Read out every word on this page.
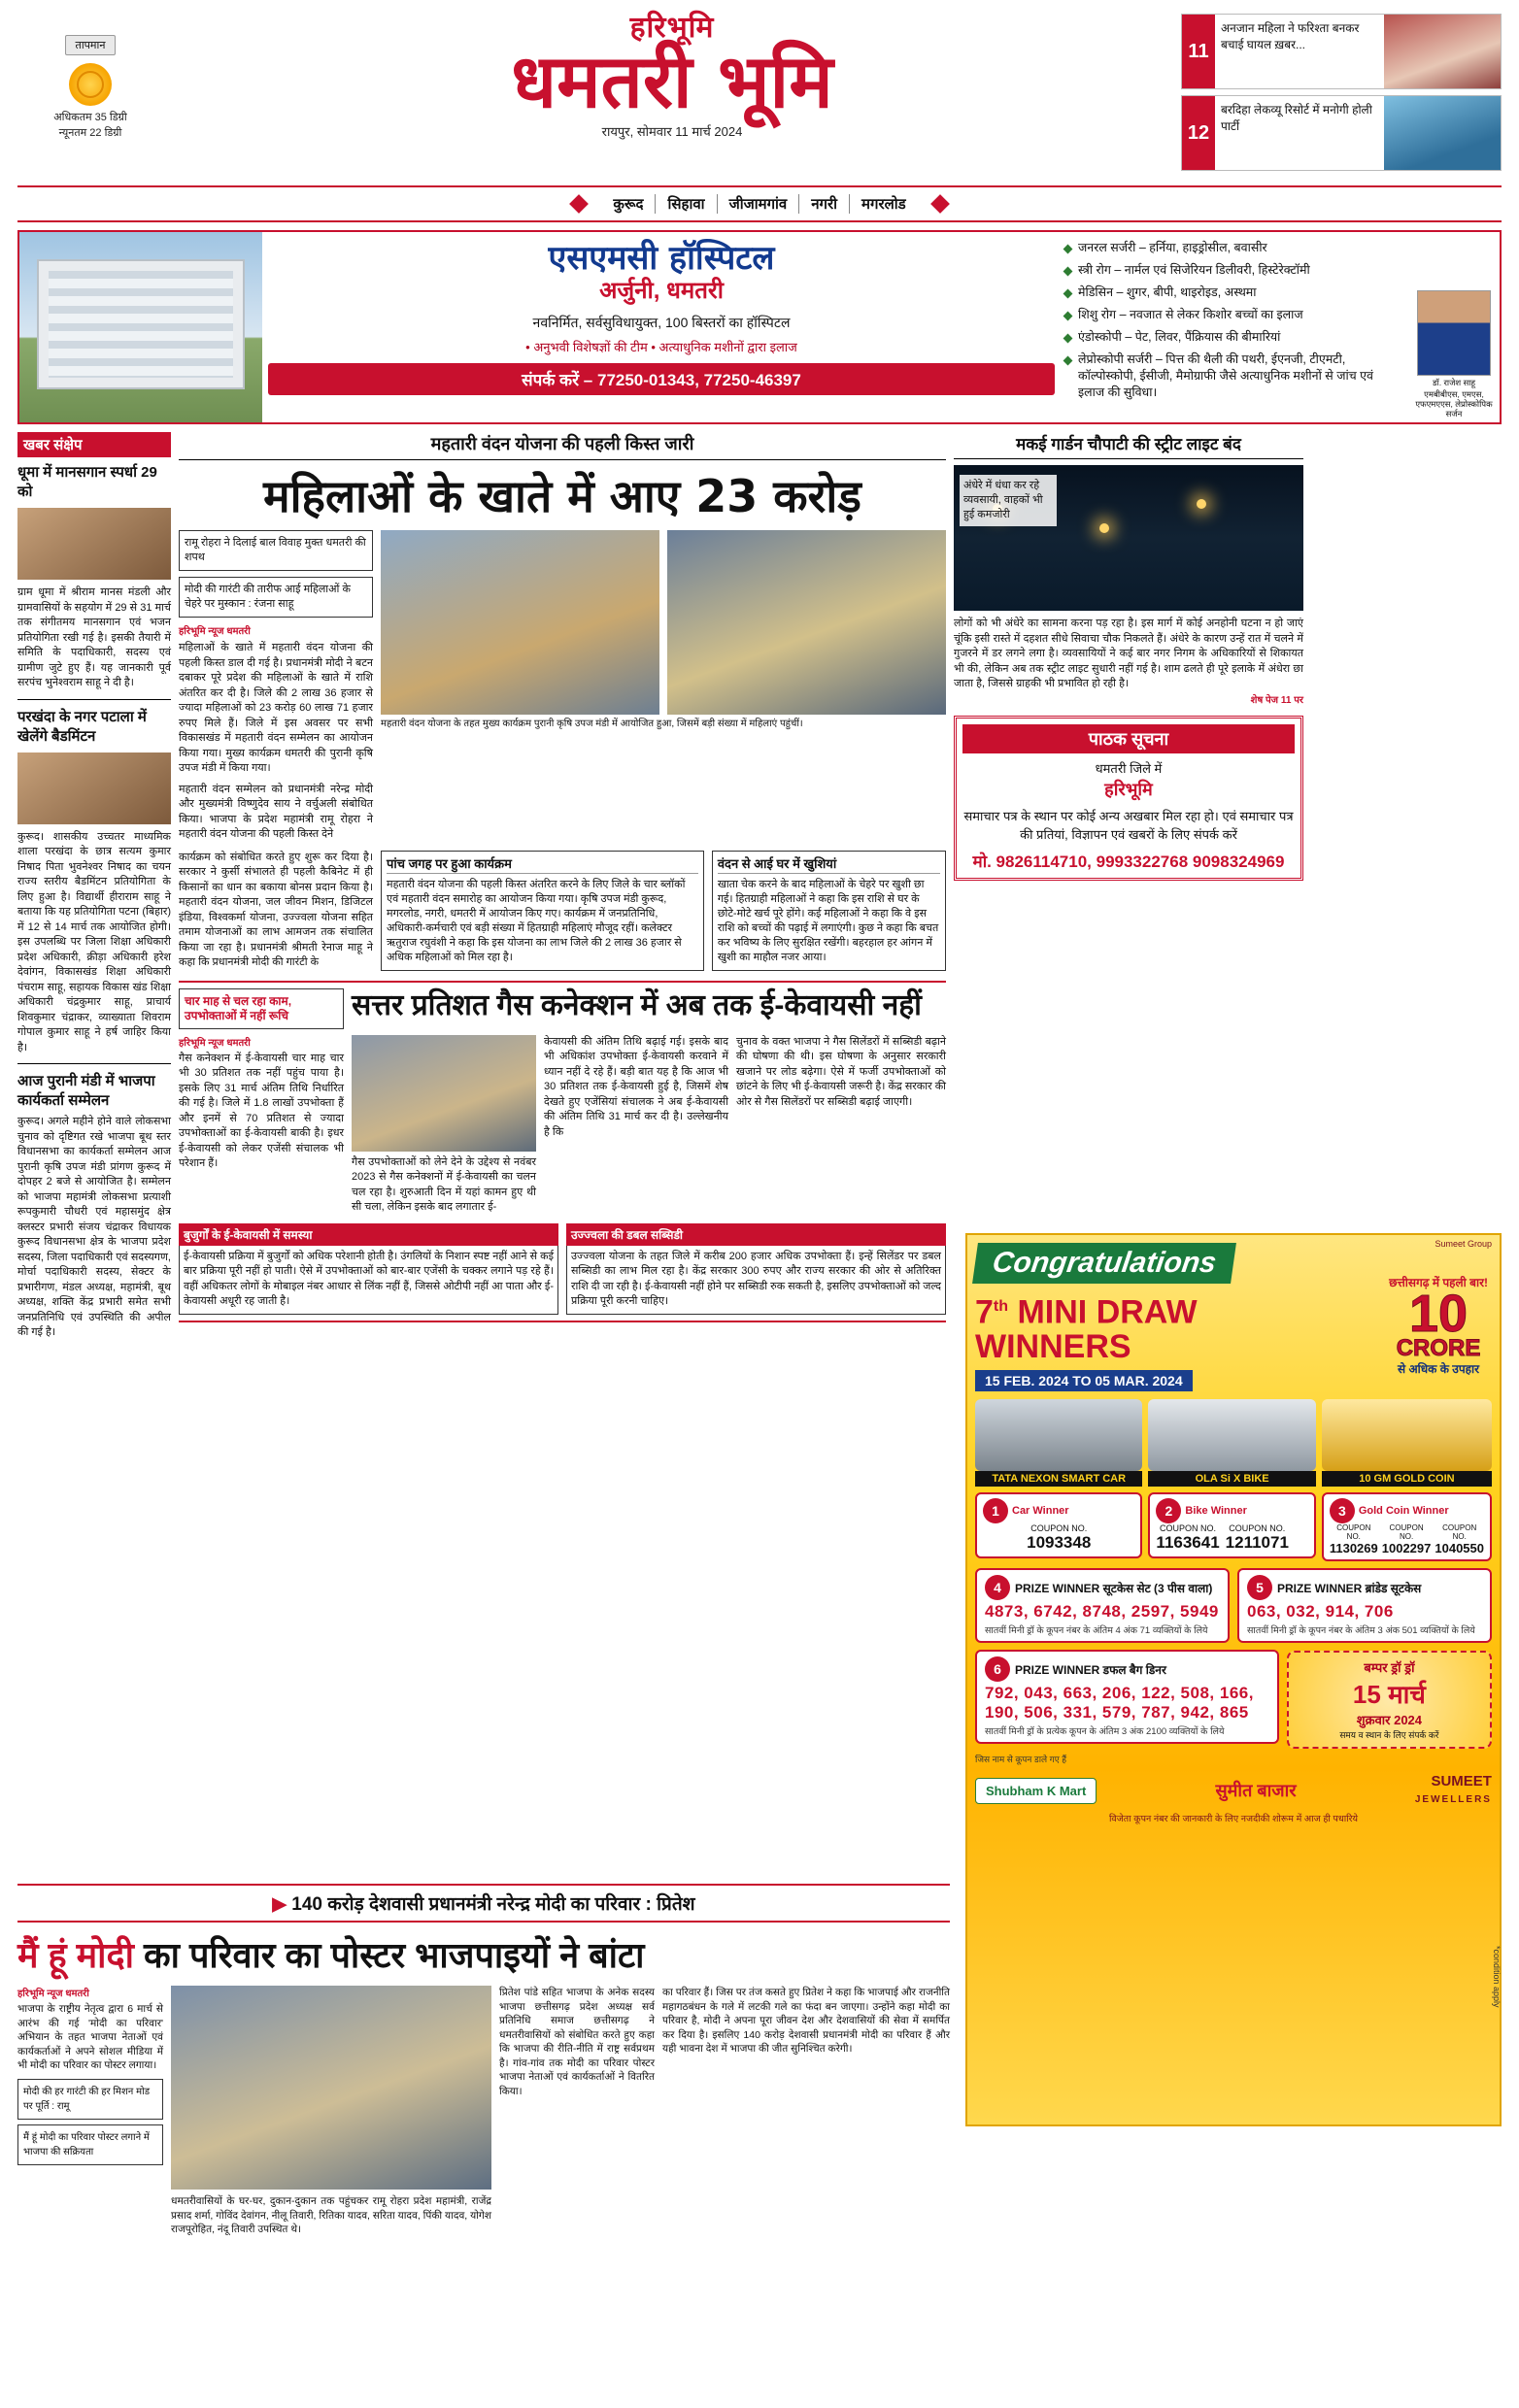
तापमान
अधिकतम 35 डिग्री
न्यूनतम 22 डिग्री
हरिभूमि
धमतरी भूमि
रायपुर, सोमवार 11 मार्च 2024
11
अनजान महिला ने फरिश्ता बनकर बचाई घायल ख़बर...
12
बरदिहा लेकव्यू रिसोर्ट में मनाेगी होली पार्टी
कुरूद	सिहावा	जीजामगांव	नगरी	मगरलोड
एसएमसी हॉस्पिटल
अर्जुनी, धमतरी
नवनिर्मित, सर्वसुविधायुक्त, 100 बिस्तरों का हॉस्पिटल
• अनुभवी विशेषज्ञों की टीम • अत्याधुनिक मशीनों द्वारा इलाज
संपर्क करें – 77250-01343, 77250-46397
जनरल सर्जरी – हर्निया, हाइड्रोसील, बवासीर
स्त्री रोग – नार्मल एवं सिजेरियन डिलीवरी, हिस्टेरेक्टॉमी
मेडिसिन – शुगर, बीपी, थाइरोइड, अस्थमा
शिशु रोग – नवजात से लेकर किशोर बच्चों का इलाज
एंडोस्कोपी – पेट, लिवर, पैंक्रियास की बीमारियां
लेप्रोस्कोपी सर्जरी – पित्त की थैली की पथरी, ईएनजी, टीएमटी, कॉल्पोस्कोपी, ईसीजी, मैमोग्राफी जैसे अत्याधुनिक मशीनों से जांच एवं इलाज की सुविधा।
डॉ. राजेश साहू
एमबीबीएस, एमएस, एफएमएएस, लेप्रोस्कोपिक सर्जन
खबर संक्षेप
धूमा में मानसगान स्पर्धा 29 को
ग्राम धूमा में श्रीराम मानस मंडली और ग्रामवासियों के सहयोग में 29 से 31 मार्च तक संगीतमय मानसगान एवं भजन प्रतियोगिता रखी गई है। इसकी तैयारी में समिति के पदाधिकारी, सदस्य एवं ग्रामीण जुटे हुए हैं। यह जानकारी पूर्व सरपंच भुनेश्वराम साहू ने दी है।
परखंदा के नगर पटाला में खेलेंगे बैडमिंटन
कुरूद। शासकीय उच्चतर माध्यमिक शाला परखंदा के छात्र सत्यम कुमार निषाद पिता भुवनेश्वर निषाद का चयन राज्य स्तरीय बैडमिंटन प्रतियोगिता के लिए हुआ है। विद्यार्थी हीराराम साहू ने बताया कि यह प्रतियोगिता पटना (बिहार) में 12 से 14 मार्च तक आयोजित होगी। इस उपलब्धि पर जिला शिक्षा अधिकारी प्रदेश अधिकारी, क्रीड़ा अधिकारी हरेश देवांगन, विकासखंड शिक्षा अधिकारी पंचराम साहू, सहायक विकास खंड शिक्षा अधिकारी चंद्रकुमार साहू, प्राचार्य शिवकुमार चंद्राकर, व्याख्याता शिवराम गोपाल कुमार साहू ने हर्ष जाहिर किया है।
आज पुरानी मंडी में भाजपा कार्यकर्ता सम्मेलन
कुरूद। अगले महीने होने वाले लोकसभा चुनाव को दृष्टिगत रखे भाजपा बूथ स्तर विधानसभा का कार्यकर्ता सम्मेलन आज पुरानी कृषि उपज मंडी प्रांगण कुरूद में दोपहर 2 बजे से आयोजित है। सम्मेलन को भाजपा महामंत्री लोकसभा प्रत्याशी रूपकुमारी चौधरी एवं महासमुंद क्षेत्र क्लस्टर प्रभारी संजय चंद्राकर विधायक कुरूद विधानसभा क्षेत्र के भाजपा प्रदेश सदस्य, जिला पदाधिकारी एवं सदस्यगण, मोर्चा पदाधिकारी सदस्य, सेक्टर के प्रभारीगण, मंडल अध्यक्ष, महामंत्री, बूथ अध्यक्ष, शक्ति केंद्र प्रभारी समेत सभी जनप्रतिनिधि एवं उपस्थिति की अपील की गई है।
महतारी वंदन योजना की पहली किस्त जारी
महिलाओं के खाते में आए 23 करोड़
रामू रोहरा ने दिलाई बाल विवाह मुक्त धमतरी की शपथ
मोदी की गारंटी की तारीफ आई महिलाओं के चेहरे पर मुस्कान : रंजना साहू
हरिभूमि न्यूज धमतरी
महिलाओं के खाते में महतारी वंदन योजना की पहली किस्त डाल दी गई है। प्रधानमंत्री मोदी ने बटन दबाकर पूरे प्रदेश की महिलाओं के खाते में राशि अंतरित कर दी है। जिले की 2 लाख 36 हजार से ज्यादा महिलाओं को 23 करोड़ 60 लाख 71 हजार रुपए मिले हैं। जिले में इस अवसर पर सभी विकासखंड में महतारी वंदन सम्मेलन का आयोजन किया गया। मुख्य कार्यक्रम धमतरी की पुरानी कृषि उपज मंडी में किया गया।
महतारी वंदन सम्मेलन को प्रधानमंत्री नरेन्द्र मोदी और मुख्यमंत्री विष्णुदेव साय ने वर्चुअली संबोधित किया। भाजपा के प्रदेश महामंत्री रामू रोहरा ने महतारी वंदन योजना की पहली किस्त देने
महतारी वंदन योजना के तहत मुख्य कार्यक्रम पुरानी कृषि उपज मंडी में आयोजित हुआ, जिसमें बड़ी संख्या में महिलाएं पहुंचीं।
कार्यक्रम को संबोधित करते हुए शुरू कर दिया है। सरकार ने कुर्सी संभालते ही पहली कैबिनेट में ही किसानों का धान का बकाया बोनस प्रदान किया है। महतारी वंदन योजना, जल जीवन मिशन, डिजिटल इंडिया, विश्वकर्मा योजना, उज्ज्वला योजना सहित तमाम योजनाओं का लाभ आमजन तक संचालित किया जा रहा है। प्रधानमंत्री श्रीमती रेनाज माहू ने कहा कि प्रधानमंत्री मोदी की गारंटी के
पांच जगह पर हुआ कार्यक्रम
महतारी वंदन योजना की पहली किस्त अंतरित करने के लिए जिले के चार ब्लॉकों एवं महतारी वंदन समारोह का आयोजन किया गया। कृषि उपज मंडी कुरूद, मगरलोड, नगरी, धमतरी में आयोजन किए गए। कार्यक्रम में जनप्रतिनिधि, अधिकारी-कर्मचारी एवं बड़ी संख्या में हितग्राही महिलाएं मौजूद रहीं। कलेक्टर ऋतुराज रघुवंशी ने कहा कि इस योजना का लाभ जिले की 2 लाख 36 हजार से अधिक महिलाओं को मिल रहा है।
वंदन से आई घर में खुशियां
खाता चेक करने के बाद महिलाओं के चेहरे पर खुशी छा गई। हितग्राही महिलाओं ने कहा कि इस राशि से घर के छोटे-मोटे खर्च पूरे होंगे। कई महिलाओं ने कहा कि वे इस राशि को बच्चों की पढ़ाई में लगाएंगी। कुछ ने कहा कि बचत कर भविष्य के लिए सुरक्षित रखेंगी। बहरहाल हर आंगन में खुशी का माहौल नजर आया।
चार माह से चल रहा काम, उपभोक्ताओं में नहीं रूचि	सत्तर प्रतिशत गैस कनेक्शन में अब तक ई-केवायसी नहीं
हरिभूमि न्यूज धमतरी
गैस कनेक्शन में ई-केवायसी चार माह चार भी 30 प्रतिशत तक नहीं पहुंच पाया है। इसके लिए 31 मार्च अंतिम तिथि निर्धारित की गई है। जिले में 1.8 लाखों उपभोक्ता हैं और इनमें से 70 प्रतिशत से ज्यादा उपभोक्ताओं का ई-केवायसी बाकी है। इधर ई-केवायसी को लेकर एजेंसी संचालक भी परेशान हैं।	गैस उपभोक्ताओं को लेने देने के उद्देश्य से नवंबर 2023 से गैस कनेक्शनों में ई-केवायसी का चलन चल रहा है। शुरुआती दिन में यहां कामन हुए थी सी चला, लेकिन इसके बाद लगातार ई-
केवायसी की अंतिम तिथि बढ़ाई गई। इसके बाद भी अधिकांश उपभोक्ता ई-केवायसी करवाने में ध्यान नहीं दे रहे हैं। बड़ी बात यह है कि आज भी 30 प्रतिशत तक ई-केवायसी हुई है, जिसमें शेष देखते हुए एजेंसियां संचालक ने अब ई-केवायसी की अंतिम तिथि 31 मार्च कर दी है। उल्लेखनीय है कि
चुनाव के वक्त भाजपा ने गैस सिलेंडरों में सब्सिडी बढ़ाने की घोषणा की थी। इस घोषणा के अनुसार सरकारी खजाने पर लोड बढ़ेगा। ऐसे में फर्जी उपभोक्ताओं को छांटने के लिए भी ई-केवायसी जरूरी है। केंद्र सरकार की ओर से गैस सिलेंडरों पर सब्सिडी बढ़ाई जाएगी।
बुजुर्गों के ई-केवायसी में समस्या
ई-केवायसी प्रक्रिया में बुजुर्गों को अधिक परेशानी होती है। उंगलियों के निशान स्पष्ट नहीं आने से कई बार प्रक्रिया पूरी नहीं हो पाती। ऐसे में उपभोक्ताओं को बार-बार एजेंसी के चक्कर लगाने पड़ रहे हैं। वहीं अधिकतर लोगों के मोबाइल नंबर आधार से लिंक नहीं हैं, जिससे ओटीपी नहीं आ पाता और ई-केवायसी अधूरी रह जाती है।
उज्ज्वला की डबल सब्सिडी
उज्ज्वला योजना के तहत जिले में करीब 200 हजार अधिक उपभोक्ता हैं। इन्हें सिलेंडर पर डबल सब्सिडी का लाभ मिल रहा है। केंद्र सरकार 300 रुपए और राज्य सरकार की ओर से अतिरिक्त राशि दी जा रही है। ई-केवायसी नहीं होने पर सब्सिडी रुक सकती है, इसलिए उपभोक्ताओं को जल्द प्रक्रिया पूरी करनी चाहिए।
मकई गार्डन चौपाटी की स्ट्रीट लाइट बंद
अंधेरे में धंधा कर रहे व्यवसायी, वाहकों भी हुई कमजोरी
लोगों को भी अंधेरे का सामना करना पड़ रहा है। इस मार्ग में कोई अनहोनी घटना न हो जाएं चूंकि इसी रास्ते में दहशत सीधे सिवाचा चौक निकलते हैं। अंधेरे के कारण उन्हें रात में चलने में गुजरने में डर लगने लगा है। व्यवसायियों ने कई बार नगर निगम के अधिकारियों से शिकायत भी की, लेकिन अब तक स्ट्रीट लाइट सुधारी नहीं गई है। शाम ढलते ही पूरे इलाके में अंधेरा छा जाता है, जिससे ग्राहकी भी प्रभावित हो रही है।
शेष पेज 11 पर
पाठक सूचना
धमतरी जिले में
हरिभूमि
समाचार पत्र के स्थान पर कोई अन्य अखबार मिल रहा हो। एवं समाचार पत्र की प्रतियां, विज्ञापन एवं खबरों के लिए संपर्क करें
मो. 9826114710, 9993322768 9098324969
Sumeet Group
Congratulations
7th MINI DRAW
WINNERS
15 FEB. 2024 TO 05 MAR. 2024
छत्तीसगढ़ में पहली बार!
10
CRORE
से अधिक के उपहार
TATA NEXON SMART CAR
1	Car Winner
COUPON NO.
1093348
OLA Si X BIKE
2	Bike Winner
COUPON NO.
1163641
COUPON NO.
1211071
10 GM GOLD COIN
3	Gold Coin Winner
COUPON NO.
1130269
COUPON NO.
1002297
COUPON NO.
1040550
4	PRIZE WINNER सूटकेस सेट (3 पीस वाला)
4873, 6742, 8748, 2597, 5949
सातवीं मिनी ड्रॉ के कूपन नंबर के अंतिम 4 अंक 71 व्यक्तियों के लिये
5	PRIZE WINNER ब्रांडेड सूटकेस
063, 032, 914, 706
सातवीं मिनी ड्रॉ के कूपन नंबर के अंतिम 3 अंक 501 व्यक्तियों के लिये
6	PRIZE WINNER डफल बैग डिनर
792, 043, 663, 206, 122, 508, 166, 190, 506, 331, 579, 787, 942, 865
सातवीं मिनी ड्रॉ के प्रत्येक कूपन के अंतिम 3 अंक 2100 व्यक्तियों के लिये
बम्पर ड्रॉ ड्रॉ
15 मार्च
शुक्रवार 2024
समय व स्थान के लिए संपर्क करें
जिस नाम से कूपन डाले गए हैं
Shubham K Mart	सुमीत बाजार	SUMEET
JEWELLERS
विजेता कूपन नंबर की जानकारी के लिए नजदीकी शोरूम में आज ही पधारिये
*condition apply
▶ 140 करोड़ देशवासी प्रधानमंत्री नरेन्द्र मोदी का परिवार : प्रितेश
मैं हूं मोदी का परिवार का पोस्टर भाजपाइयों ने बांटा
हरिभूमि न्यूज धमतरी
भाजपा के राष्ट्रीय नेतृत्व द्वारा 6 मार्च से आरंभ की गई 'मोदी का परिवार' अभियान के तहत भाजपा नेताओं एवं कार्यकर्ताओं ने अपने सोशल मीडिया में भी मोदी का परिवार का पोस्टर लगाया।
मोदी की हर गारंटी की हर मिशन मोड पर पूर्ति : रामू
मैं हूं मोदी का परिवार पोस्टर लगाने में भाजपा की सक्रियता
धमतरीवासियों के घर-घर, दुकान-दुकान तक पहुंचकर रामू रोहरा प्रदेश महामंत्री, राजेंद्र प्रसाद शर्मा, गोविंद देवांगन, नीलू तिवारी, रितिका यादव, सरिता यादव, पिंकी यादव, योगेश राजपूरोहित, नंदू तिवारी उपस्थित थे।
प्रितेश पांडे सहित भाजपा के अनेक सदस्य भाजपा छत्तीसगढ़ प्रदेश अध्यक्ष सर्व प्रतिनिधि समाज छत्तीसगढ़ ने धमतरीवासियों को संबोधित करते हुए कहा कि भाजपा की रीति-नीति में राष्ट्र सर्वप्रथम है। गांव-गांव तक मोदी का परिवार पोस्टर भाजपा नेताओं एवं कार्यकर्ताओं ने वितरित किया।
का परिवार हैं। जिस पर तंज कसते हुए प्रितेश ने कहा कि भाजपाई और राजनीति महागठबंधन के गले में लटकी गले का फंदा बन जाएगा। उन्होंने कहा मोदी का परिवार है, मोदी ने अपना पूरा जीवन देश और देशवासियों की सेवा में समर्पित कर दिया है। इसलिए 140 करोड़ देशवासी प्रधानमंत्री मोदी का परिवार हैं और यही भावना देश में भाजपा की जीत सुनिश्चित करेगी।
